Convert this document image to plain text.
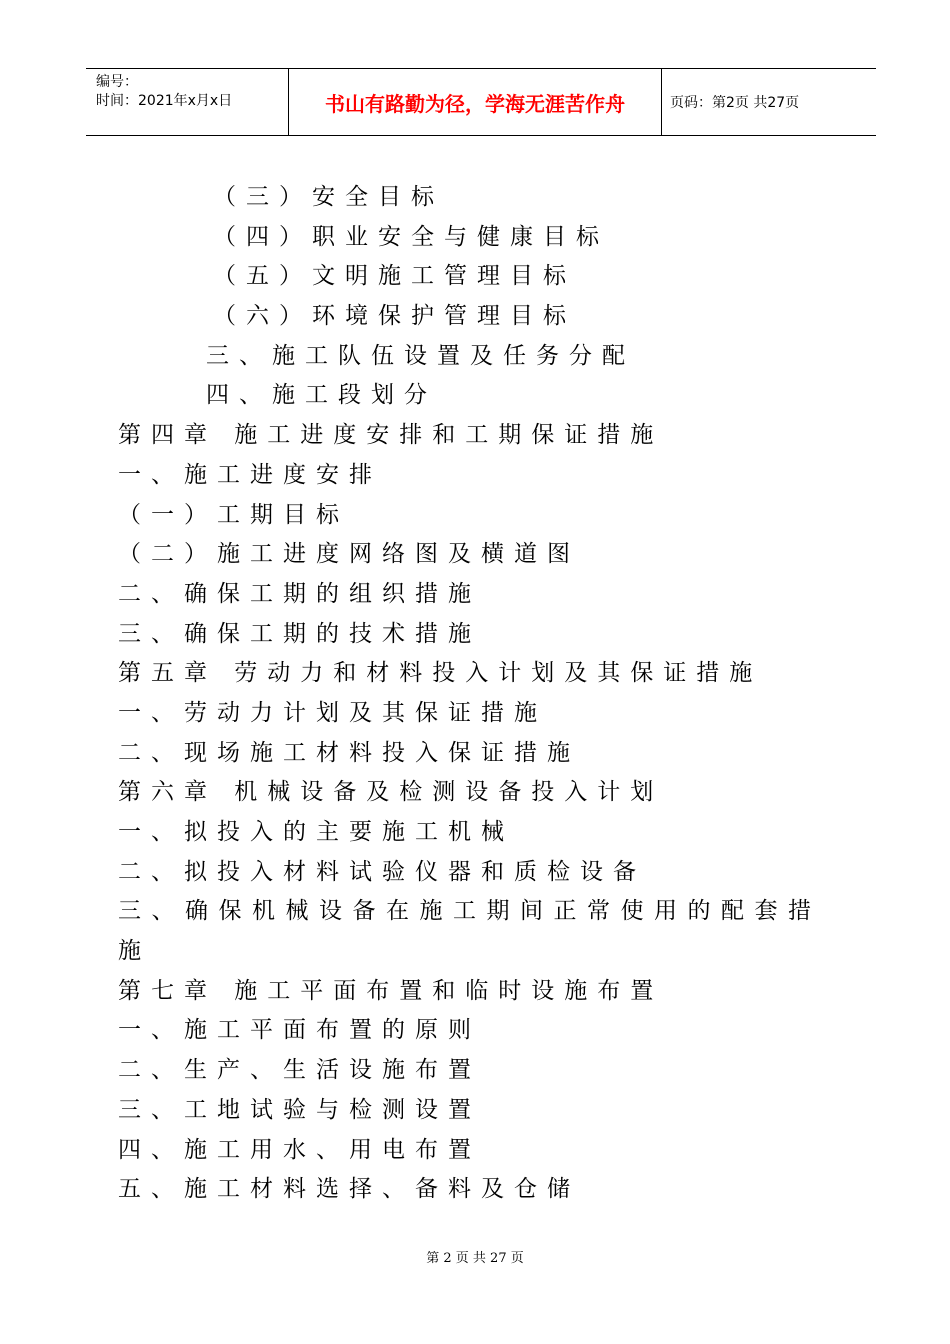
编号：
时间：2021年x月x日	书山有路勤为径，学海无涯苦作舟	页码：第2页 共27页
（三）安全目标
（四）职业安全与健康目标
（五）文明施工管理目标
（六）环境保护管理目标
三、施工队伍设置及任务分配
四、施工段划分
第四章 施工进度安排和工期保证措施
一、施工进度安排
（一）工期目标
（二）施工进度网络图及横道图
二、确保工期的组织措施
三、确保工期的技术措施
第五章 劳动力和材料投入计划及其保证措施
一、劳动力计划及其保证措施
二、现场施工材料投入保证措施
第六章 机械设备及检测设备投入计划
一、拟投入的主要施工机械
二、拟投入材料试验仪器和质检设备
三、确保机械设备在施工期间正常使用的配套措施
第七章 施工平面布置和临时设施布置
一、施工平面布置的原则
二、生产、生活设施布置
三、工地试验与检测设置
四、施工用水、用电布置
五、施工材料选择、备料及仓储
第 2 页 共 27 页
